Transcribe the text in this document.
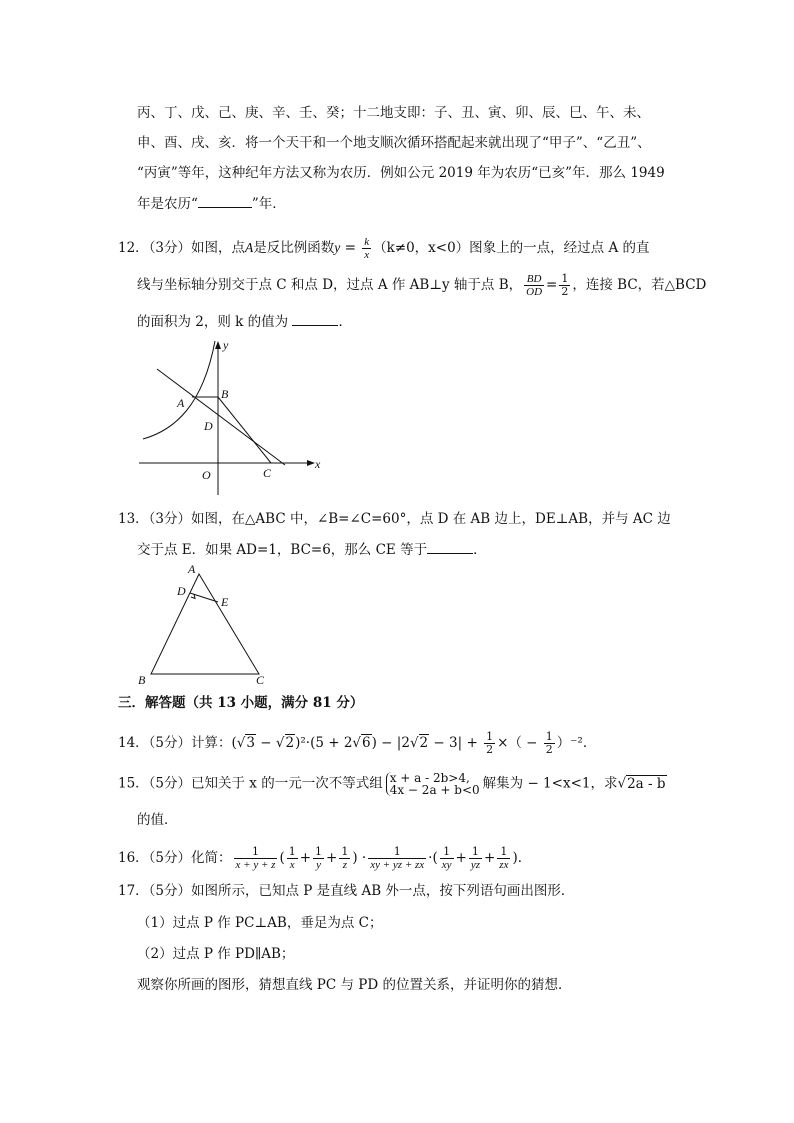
丙、丁、戊、己、庚、辛、壬、癸；十二地支即：子、丑、寅、卯、辰、巳、午、未、
申、酉、戌、亥．将一个天干和一个地支顺次循环搭配起来就出现了“甲子”、“乙丑”、
“丙寅”等年，这种纪年方法又称为农历．例如公元 2019 年为农历“已亥”年．那么 1949
年是农历“	”年．
12．（3分）如图，点A是反比例函数$y = \frac{k}{x} (k\ne 0$，x<0）图象上的一点，经过点 A 的直
线与坐标轴分别交于点 C 和点 D，过点 A 作 AB⊥y 轴于点 B， $\frac{BD}{OD} = \frac{1}{2}$ ，连接 BC，若△BCD
的面积为 2，则 k 的值为	．
y
x
A
B
D
O	C
13．（3分）如图，在△ABC 中，∠B=∠C=60°，点 D 在 AB 边上，DE⊥AB，并与 AC 边
交于点 E．如果 AD=1，BC=6，那么 CE 等于	．
A
D
E
B	C
三．解答题（共 13 小题，满分 81 分）
14．（5分）计算：$(√3 - √2)^2\cdot(5 + 2√6) - |2√2 - 3| + \frac{1}{2}$ ×（ − $\frac{1}{2} )^{-2}$．
15．（5分）已知关于 x 的一元一次不等式组 x + a - 2b>4,
4x − 2a + b<0 解集为 − 1<x<1，求√2a - b
的值．
16．（5分）化简： $\frac{1}{x + y + z}$ ( $\frac{1}{x} + \frac{1}{y} + \frac{1}{z}$ ) · $\frac{1}{xy + yz + zx}$ ·( $\frac{1}{xy} + \frac{1}{yz} + \frac{1}{zx}$ )．
17．（5分）如图所示，已知点 P 是直线 AB 外一点，按下列语句画出图形．
（1）过点 P 作 PC⊥AB，垂足为点 C；
（2）过点 P 作 PD∥AB；
观察你所画的图形，猜想直线 PC 与 PD 的位置关系，并证明你的猜想．
